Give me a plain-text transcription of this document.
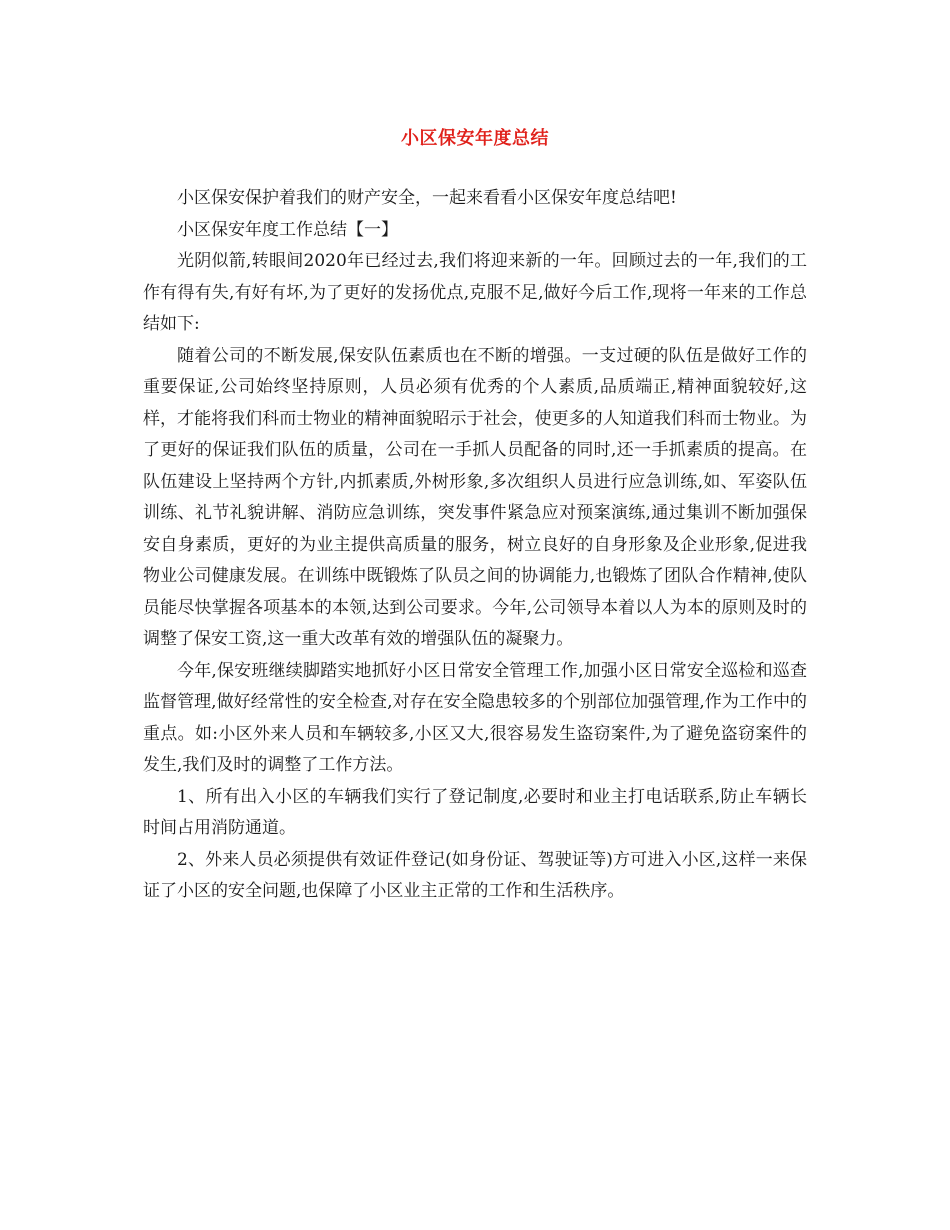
小区保安年度总结

小区保安保护着我们的财产安全，一起来看看小区保安年度总结吧!

小区保安年度工作总结【一】

光阴似箭,转眼间2020年已经过去,我们将迎来新的一年。回顾过去的一年,我们的工作有得有失,有好有坏,为了更好的发扬优点,克服不足,做好今后工作,现将一年来的工作总结如下:

随着公司的不断发展,保安队伍素质也在不断的增强。一支过硬的队伍是做好工作的重要保证,公司始终坚持原则，人员必须有优秀的个人素质,品质端正,精神面貌较好,这样，才能将我们科而士物业的精神面貌昭示于社会，使更多的人知道我们科而士物业。为了更好的保证我们队伍的质量，公司在一手抓人员配备的同时,还一手抓素质的提高。在队伍建设上坚持两个方针,内抓素质,外树形象,多次组织人员进行应急训练,如、军姿队伍训练、礼节礼貌讲解、消防应急训练，突发事件紧急应对预案演练,通过集训不断加强保安自身素质，更好的为业主提供高质量的服务，树立良好的自身形象及企业形象,促进我物业公司健康发展。在训练中既锻炼了队员之间的协调能力,也锻炼了团队合作精神,使队员能尽快掌握各项基本的本领,达到公司要求。今年,公司领导本着以人为本的原则及时的调整了保安工资,这一重大改革有效的增强队伍的凝聚力。

今年,保安班继续脚踏实地抓好小区日常安全管理工作,加强小区日常安全巡检和巡查监督管理,做好经常性的安全检查,对存在安全隐患较多的个别部位加强管理,作为工作中的重点。如:小区外来人员和车辆较多,小区又大,很容易发生盗窃案件,为了避免盗窃案件的发生,我们及时的调整了工作方法。

1、所有出入小区的车辆我们实行了登记制度,必要时和业主打电话联系,防止车辆长时间占用消防通道。

2、外来人员必须提供有效证件登记(如身份证、驾驶证等)方可进入小区,这样一来保证了小区的安全问题,也保障了小区业主正常的工作和生活秩序。
